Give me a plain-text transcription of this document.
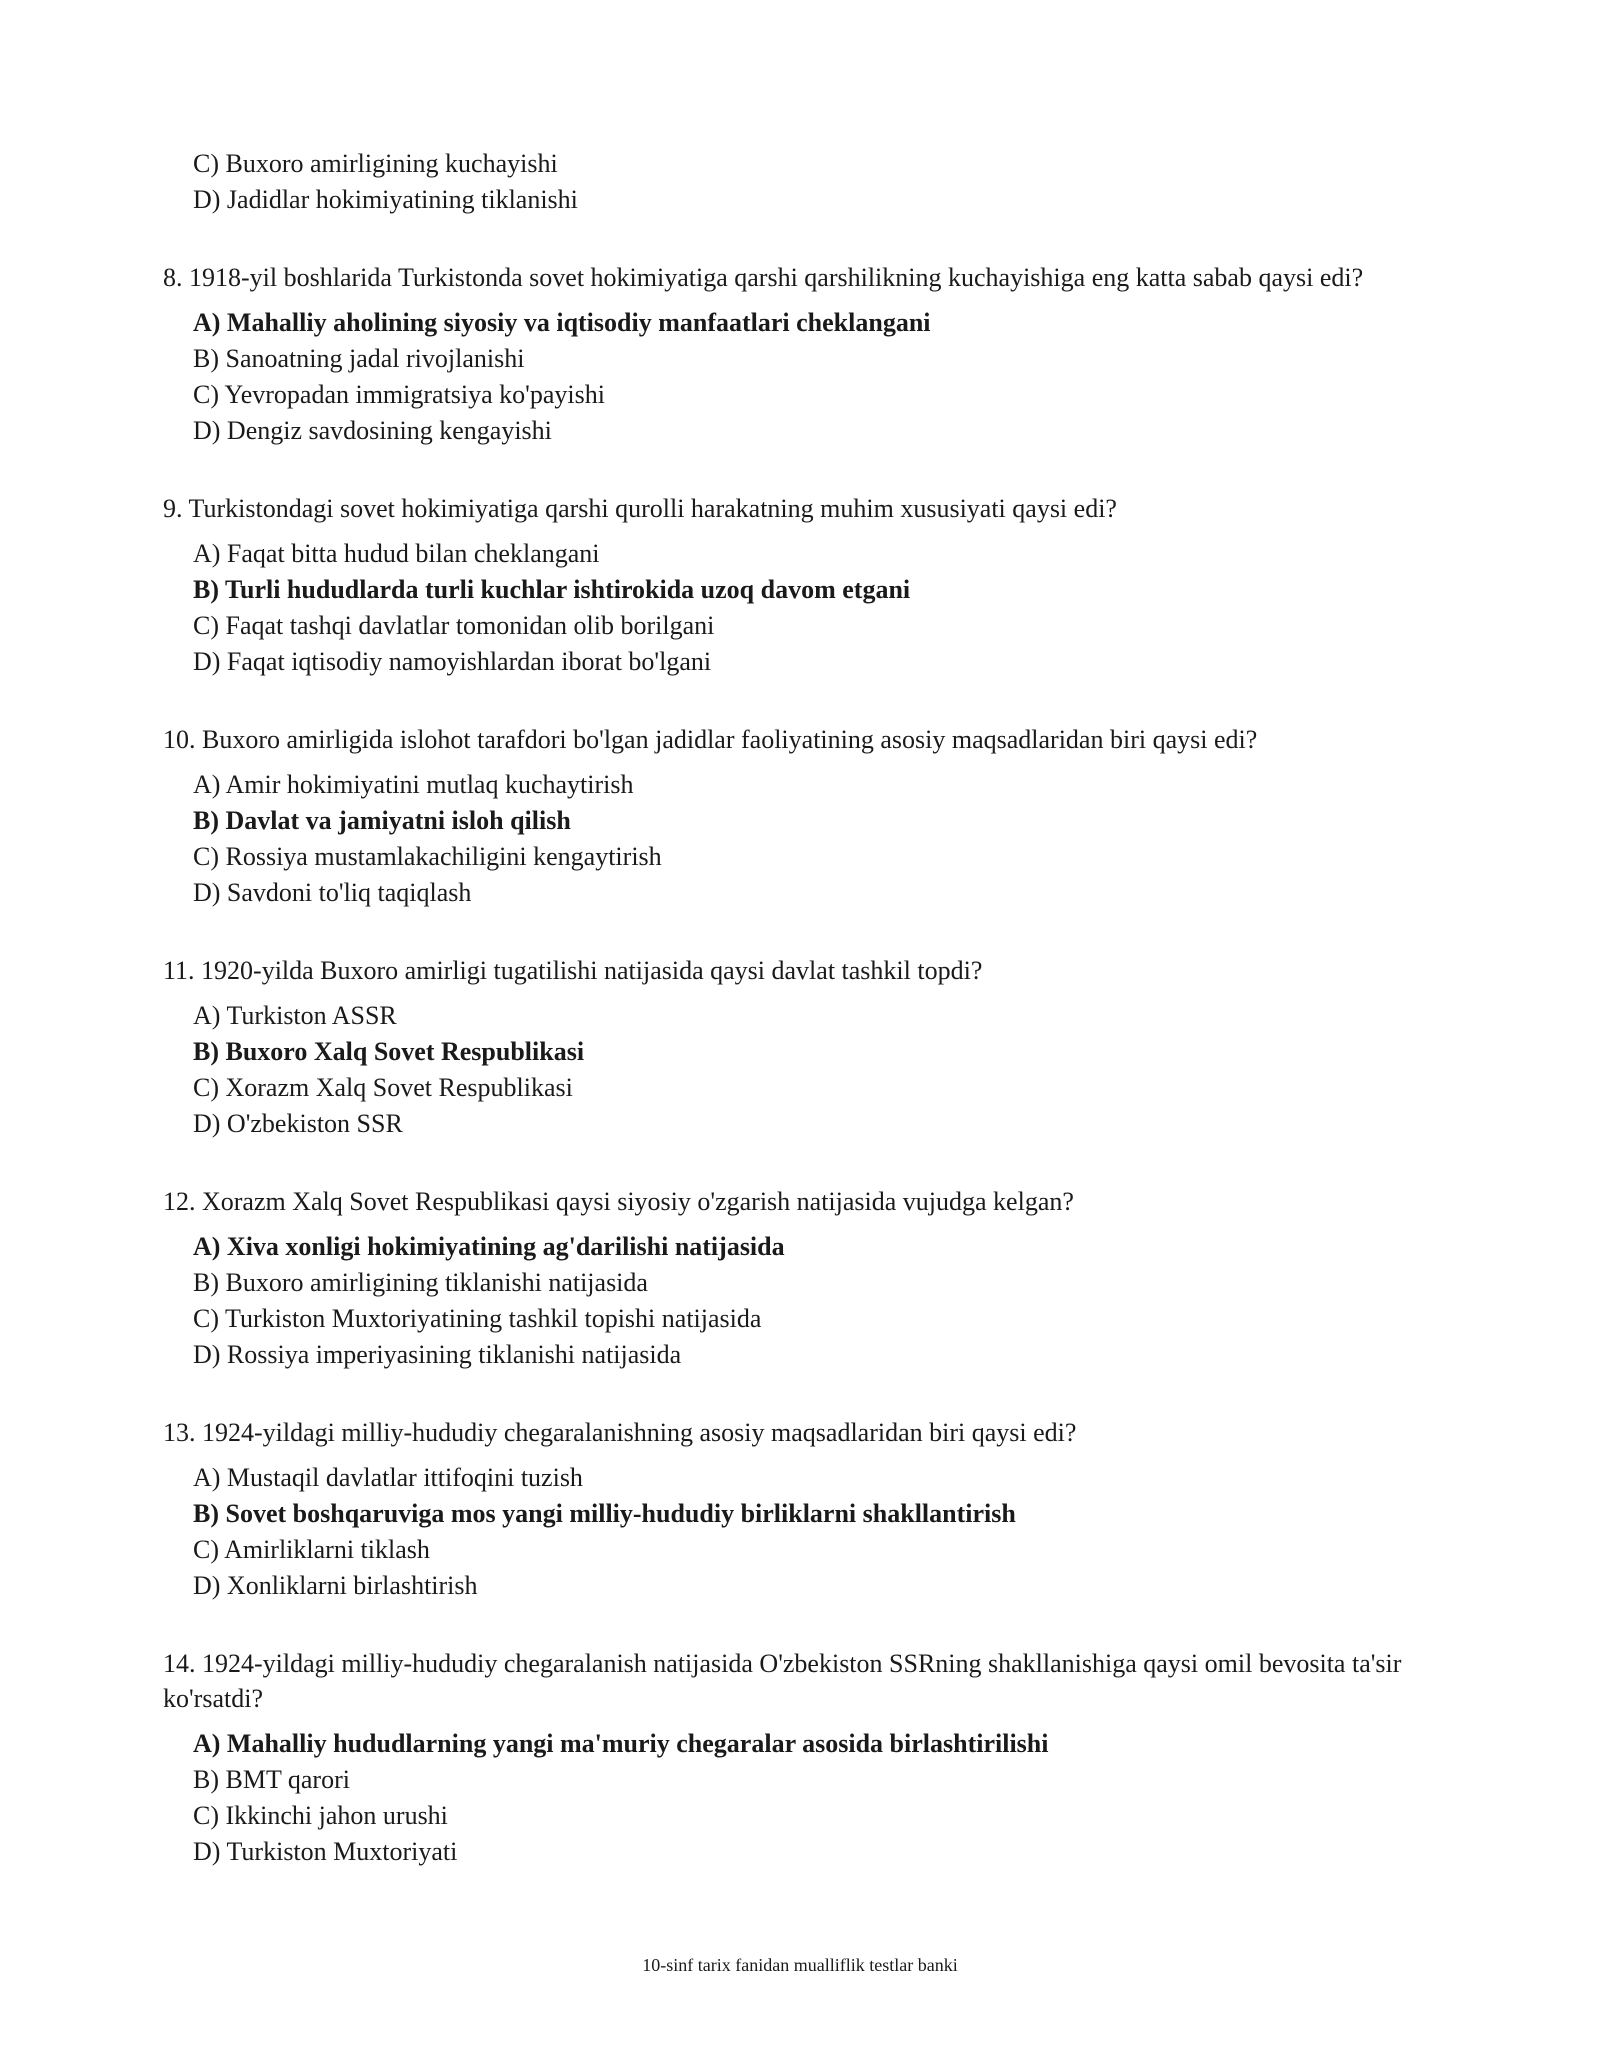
C) Buxoro amirligining kuchayishi
D) Jadidlar hokimiyatining tiklanishi

8. 1918-yil boshlarida Turkistonda sovet hokimiyatiga qarshi qarshilikning kuchayishiga eng katta sabab qaysi edi?

A) Mahalliy aholining siyosiy va iqtisodiy manfaatlari cheklangani
B) Sanoatning jadal rivojlanishi
C) Yevropadan immigratsiya ko'payishi
D) Dengiz savdosining kengayishi

9. Turkistondagi sovet hokimiyatiga qarshi qurolli harakatning muhim xususiyati qaysi edi?

A) Faqat bitta hudud bilan cheklangani
B) Turli hududlarda turli kuchlar ishtirokida uzoq davom etgani
C) Faqat tashqi davlatlar tomonidan olib borilgani
D) Faqat iqtisodiy namoyishlardan iborat bo'lgani

10. Buxoro amirligida islohot tarafdori bo'lgan jadidlar faoliyatining asosiy maqsadlaridan biri qaysi edi?

A) Amir hokimiyatini mutlaq kuchaytirish
B) Davlat va jamiyatni isloh qilish
C) Rossiya mustamlakachiligini kengaytirish
D) Savdoni to'liq taqiqlash

11. 1920-yilda Buxoro amirligi tugatilishi natijasida qaysi davlat tashkil topdi?

A) Turkiston ASSR
B) Buxoro Xalq Sovet Respublikasi
C) Xorazm Xalq Sovet Respublikasi
D) O'zbekiston SSR

12. Xorazm Xalq Sovet Respublikasi qaysi siyosiy o'zgarish natijasida vujudga kelgan?

A) Xiva xonligi hokimiyatining ag'darilishi natijasida
B) Buxoro amirligining tiklanishi natijasida
C) Turkiston Muxtoriyatining tashkil topishi natijasida
D) Rossiya imperiyasining tiklanishi natijasida

13. 1924-yildagi milliy-hududiy chegaralanishning asosiy maqsadlaridan biri qaysi edi?

A) Mustaqil davlatlar ittifoqini tuzish
B) Sovet boshqaruviga mos yangi milliy-hududiy birliklarni shakllantirish
C) Amirliklarni tiklash
D) Xonliklarni birlashtirish

14. 1924-yildagi milliy-hududiy chegaralanish natijasida O'zbekiston SSRning shakllanishiga qaysi omil bevosita ta'sir ko'rsatdi?

A) Mahalliy hududlarning yangi ma'muriy chegaralar asosida birlashtirilishi
B) BMT qarori
C) Ikkinchi jahon urushi
D) Turkiston Muxtoriyati
10-sinf tarix fanidan mualliflik testlar banki
